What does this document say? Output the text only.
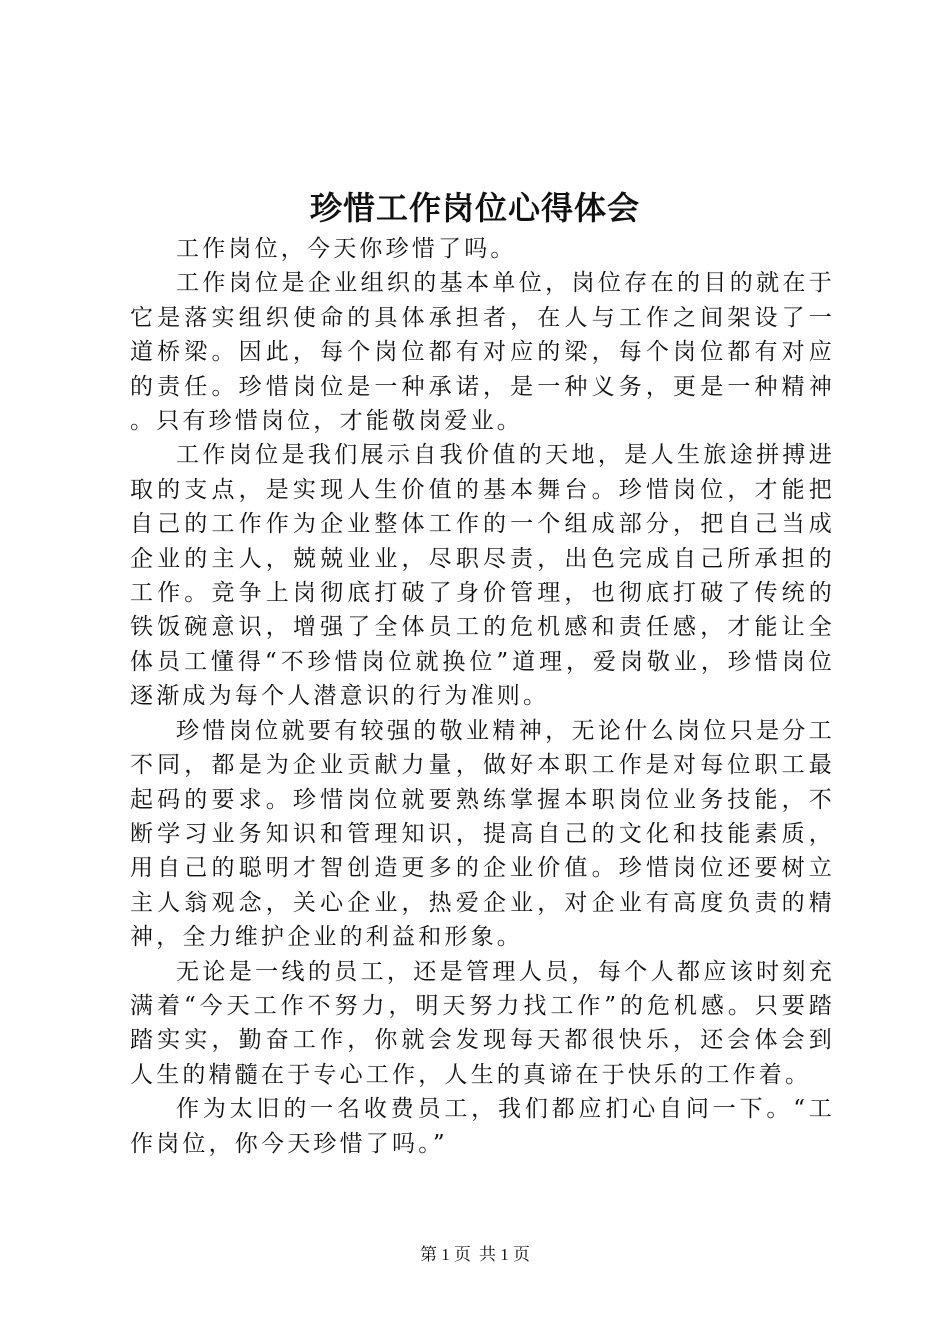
珍惜工作岗位心得体会

工作岗位，今天你珍惜了吗。

工作岗位是企业组织的基本单位，岗位存在的目的就在于它是落实组织使命的具体承担者，在人与工作之间架设了一道桥梁。因此，每个岗位都有对应的梁，每个岗位都有对应的责任。珍惜岗位是一种承诺，是一种义务，更是一种精神。只有珍惜岗位，才能敬岗爱业。

工作岗位是我们展示自我价值的天地，是人生旅途拼搏进取的支点，是实现人生价值的基本舞台。珍惜岗位，才能把自己的工作作为企业整体工作的一个组成部分，把自己当成企业的主人，兢兢业业，尽职尽责，出色完成自己所承担的工作。竞争上岗彻底打破了身价管理，也彻底打破了传统的铁饭碗意识，增强了全体员工的危机感和责任感，才能让全体员工懂得“不珍惜岗位就换位”道理，爱岗敬业，珍惜岗位逐渐成为每个人潜意识的行为准则。

珍惜岗位就要有较强的敬业精神，无论什么岗位只是分工不同，都是为企业贡献力量，做好本职工作是对每位职工最起码的要求。珍惜岗位就要熟练掌握本职岗位业务技能，不断学习业务知识和管理知识，提高自己的文化和技能素质，用自己的聪明才智创造更多的企业价值。珍惜岗位还要树立主人翁观念，关心企业，热爱企业，对企业有高度负责的精神，全力维护企业的利益和形象。

无论是一线的员工，还是管理人员，每个人都应该时刻充满着“今天工作不努力，明天努力找工作”的危机感。只要踏踏实实，勤奋工作，你就会发现每天都很快乐，还会体会到人生的精髓在于专心工作，人生的真谛在于快乐的工作着。

作为太旧的一名收费员工，我们都应扪心自问一下。“工作岗位，你今天珍惜了吗。”

第 1 页 共 1 页
